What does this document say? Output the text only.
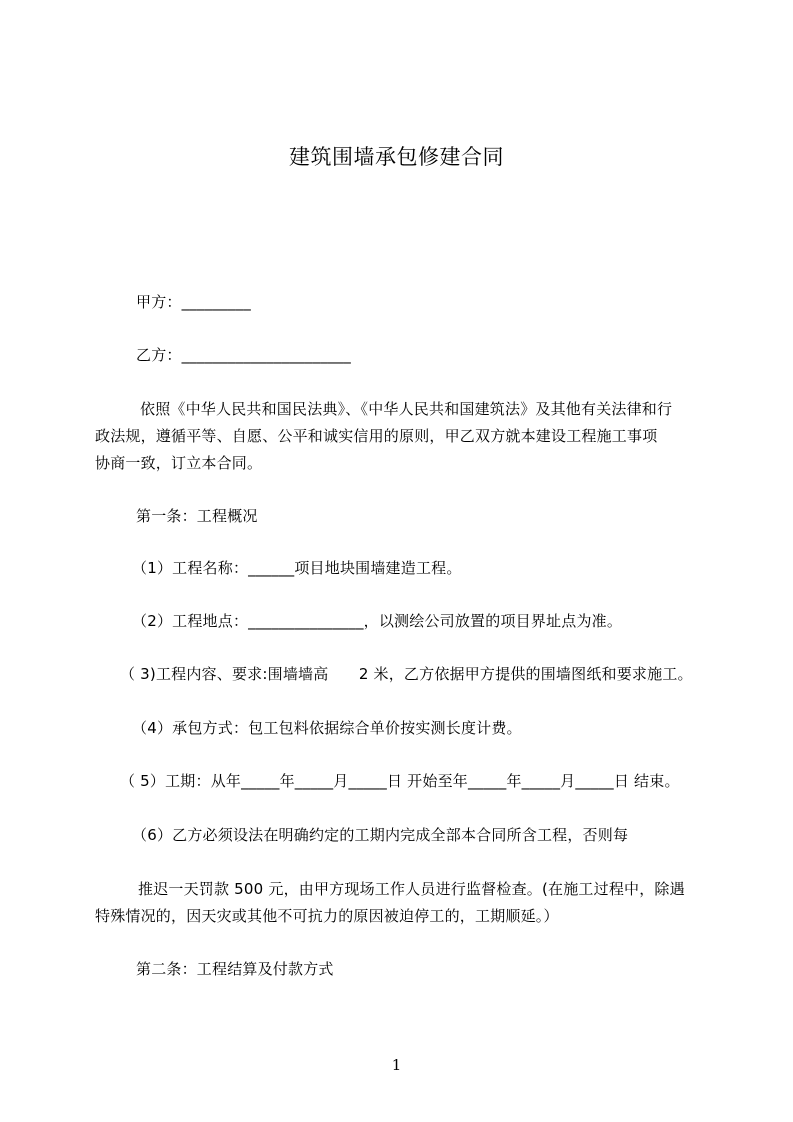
建筑围墙承包修建合同
甲方：_________
乙方：______________________
依照《中华人民共和国民法典》、《中华人民共和国建筑法》及其他有关法律和行
政法规，遵循平等、自愿、公平和诚实信用的原则，甲乙双方就本建设工程施工事项
协商一致，订立本合同。
第一条：工程概况
（1）工程名称：______项目地块围墙建造工程。
（2）工程地点：_______________，以测绘公司放置的项目界址点为准。
（ 3)工程内容、要求:围墙墙高　　2 米，乙方依据甲方提供的围墙图纸和要求施工。
（4）承包方式：包工包料依据综合单价按实测长度计费。
（ 5）工期：从年_____年_____月_____日 开始至年_____年_____月_____日 结束。
（6）乙方必须设法在明确约定的工期内完成全部本合同所含工程，否则每
推迟一天罚款 500 元，由甲方现场工作人员进行监督检查。(在施工过程中，除遇
特殊情况的，因天灾或其他不可抗力的原因被迫停工的，工期顺延。）
第二条：工程结算及付款方式
1
